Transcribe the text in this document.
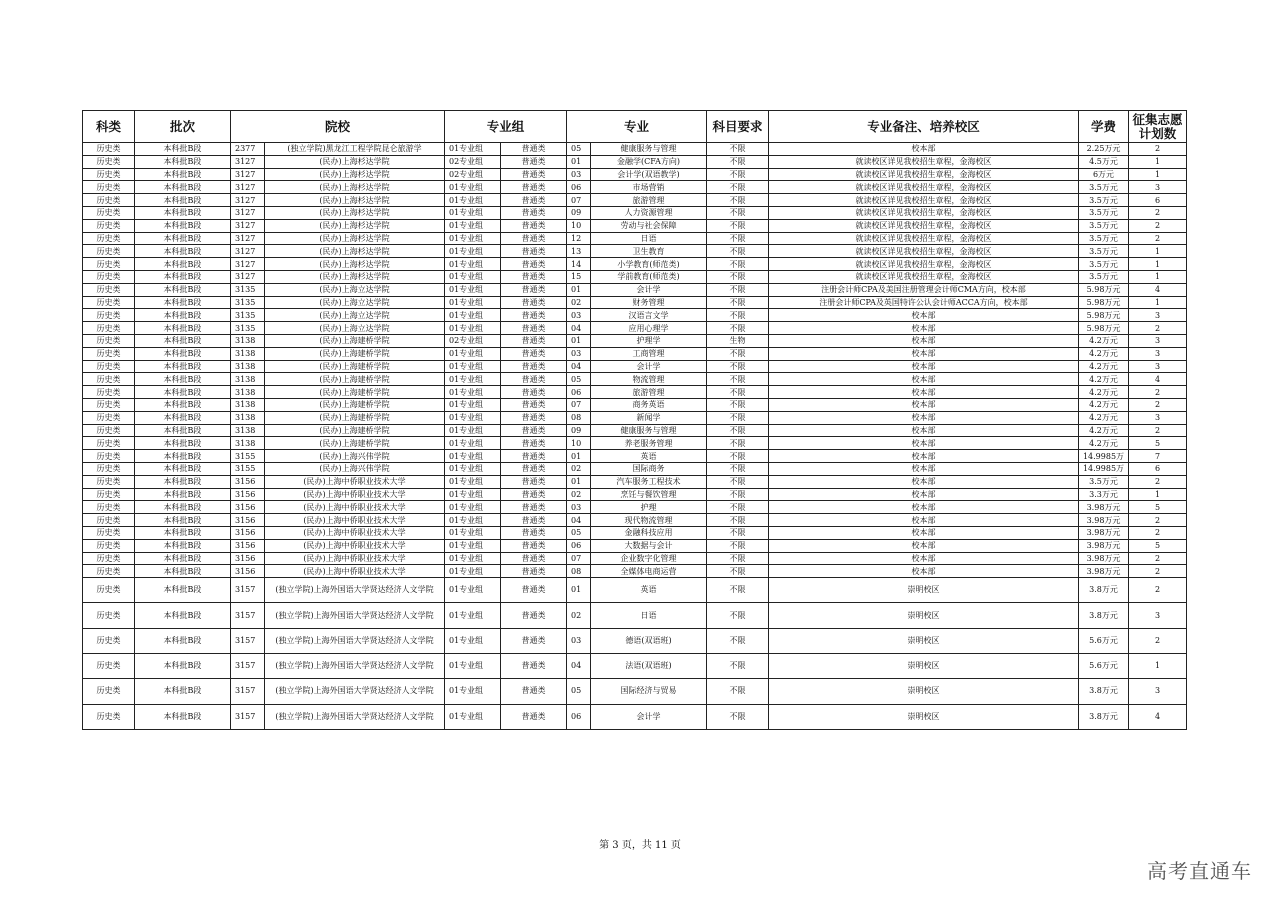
科类	批次	院校		专业组		专业		科目要求	专业备注、培养校区	学费	征集志愿计划数
历史类	本科批B段	2377	(独立学院)黑龙江工程学院昆仑旅游学	01专业组	普通类	05	健康服务与管理	不限	校本部	2.25万元	2
历史类	本科批B段	3127	(民办)上海杉达学院	02专业组	普通类	01	金融学(CFA方向)	不限	就读校区详见我校招生章程，金海校区	4.5万元	1
历史类	本科批B段	3127	(民办)上海杉达学院	02专业组	普通类	03	会计学(双语教学)	不限	就读校区详见我校招生章程，金海校区	6万元	1
历史类	本科批B段	3127	(民办)上海杉达学院	01专业组	普通类	06	市场营销	不限	就读校区详见我校招生章程，金海校区	3.5万元	3
历史类	本科批B段	3127	(民办)上海杉达学院	01专业组	普通类	07	旅游管理	不限	就读校区详见我校招生章程，金海校区	3.5万元	6
历史类	本科批B段	3127	(民办)上海杉达学院	01专业组	普通类	09	人力资源管理	不限	就读校区详见我校招生章程，金海校区	3.5万元	2
历史类	本科批B段	3127	(民办)上海杉达学院	01专业组	普通类	10	劳动与社会保障	不限	就读校区详见我校招生章程，金海校区	3.5万元	2
历史类	本科批B段	3127	(民办)上海杉达学院	01专业组	普通类	12	日语	不限	就读校区详见我校招生章程，金海校区	3.5万元	2
历史类	本科批B段	3127	(民办)上海杉达学院	01专业组	普通类	13	卫生教育	不限	就读校区详见我校招生章程，金海校区	3.5万元	1
历史类	本科批B段	3127	(民办)上海杉达学院	01专业组	普通类	14	小学教育(师范类)	不限	就读校区详见我校招生章程，金海校区	3.5万元	1
历史类	本科批B段	3127	(民办)上海杉达学院	01专业组	普通类	15	学前教育(师范类)	不限	就读校区详见我校招生章程，金海校区	3.5万元	1
历史类	本科批B段	3135	(民办)上海立达学院	01专业组	普通类	01	会计学	不限	注册会计师CPA及美国注册管理会计师CMA方向，校本部	5.98万元	4
历史类	本科批B段	3135	(民办)上海立达学院	01专业组	普通类	02	财务管理	不限	注册会计师CPA及英国特许公认会计师ACCA方向，校本部	5.98万元	1
历史类	本科批B段	3135	(民办)上海立达学院	01专业组	普通类	03	汉语言文学	不限	校本部	5.98万元	3
历史类	本科批B段	3135	(民办)上海立达学院	01专业组	普通类	04	应用心理学	不限	校本部	5.98万元	2
历史类	本科批B段	3138	(民办)上海建桥学院	02专业组	普通类	01	护理学	生物	校本部	4.2万元	3
历史类	本科批B段	3138	(民办)上海建桥学院	01专业组	普通类	03	工商管理	不限	校本部	4.2万元	3
历史类	本科批B段	3138	(民办)上海建桥学院	01专业组	普通类	04	会计学	不限	校本部	4.2万元	3
历史类	本科批B段	3138	(民办)上海建桥学院	01专业组	普通类	05	物流管理	不限	校本部	4.2万元	4
历史类	本科批B段	3138	(民办)上海建桥学院	01专业组	普通类	06	旅游管理	不限	校本部	4.2万元	2
历史类	本科批B段	3138	(民办)上海建桥学院	01专业组	普通类	07	商务英语	不限	校本部	4.2万元	2
历史类	本科批B段	3138	(民办)上海建桥学院	01专业组	普通类	08	新闻学	不限	校本部	4.2万元	3
历史类	本科批B段	3138	(民办)上海建桥学院	01专业组	普通类	09	健康服务与管理	不限	校本部	4.2万元	2
历史类	本科批B段	3138	(民办)上海建桥学院	01专业组	普通类	10	养老服务管理	不限	校本部	4.2万元	5
历史类	本科批B段	3155	(民办)上海兴伟学院	01专业组	普通类	01	英语	不限	校本部	14.9985万	7
历史类	本科批B段	3155	(民办)上海兴伟学院	01专业组	普通类	02	国际商务	不限	校本部	14.9985万	6
历史类	本科批B段	3156	(民办)上海中侨职业技术大学	01专业组	普通类	01	汽车服务工程技术	不限	校本部	3.5万元	2
历史类	本科批B段	3156	(民办)上海中侨职业技术大学	01专业组	普通类	02	烹饪与餐饮管理	不限	校本部	3.3万元	1
历史类	本科批B段	3156	(民办)上海中侨职业技术大学	01专业组	普通类	03	护理	不限	校本部	3.98万元	5
历史类	本科批B段	3156	(民办)上海中侨职业技术大学	01专业组	普通类	04	现代物流管理	不限	校本部	3.98万元	2
历史类	本科批B段	3156	(民办)上海中侨职业技术大学	01专业组	普通类	05	金融科技应用	不限	校本部	3.98万元	2
历史类	本科批B段	3156	(民办)上海中侨职业技术大学	01专业组	普通类	06	大数据与会计	不限	校本部	3.98万元	5
历史类	本科批B段	3156	(民办)上海中侨职业技术大学	01专业组	普通类	07	企业数字化管理	不限	校本部	3.98万元	2
历史类	本科批B段	3156	(民办)上海中侨职业技术大学	01专业组	普通类	08	全媒体电商运营	不限	校本部	3.98万元	2
历史类	本科批B段	3157	(独立学院)上海外国语大学贤达经济人文学院	01专业组	普通类	01	英语	不限	崇明校区	3.8万元	2
历史类	本科批B段	3157	(独立学院)上海外国语大学贤达经济人文学院	01专业组	普通类	02	日语	不限	崇明校区	3.8万元	3
历史类	本科批B段	3157	(独立学院)上海外国语大学贤达经济人文学院	01专业组	普通类	03	德语(双语班)	不限	崇明校区	5.6万元	2
历史类	本科批B段	3157	(独立学院)上海外国语大学贤达经济人文学院	01专业组	普通类	04	法语(双语班)	不限	崇明校区	5.6万元	1
历史类	本科批B段	3157	(独立学院)上海外国语大学贤达经济人文学院	01专业组	普通类	05	国际经济与贸易	不限	崇明校区	3.8万元	3
历史类	本科批B段	3157	(独立学院)上海外国语大学贤达经济人文学院	01专业组	普通类	06	会计学	不限	崇明校区	3.8万元	4
第 3 页，共 11 页
高考直通车
